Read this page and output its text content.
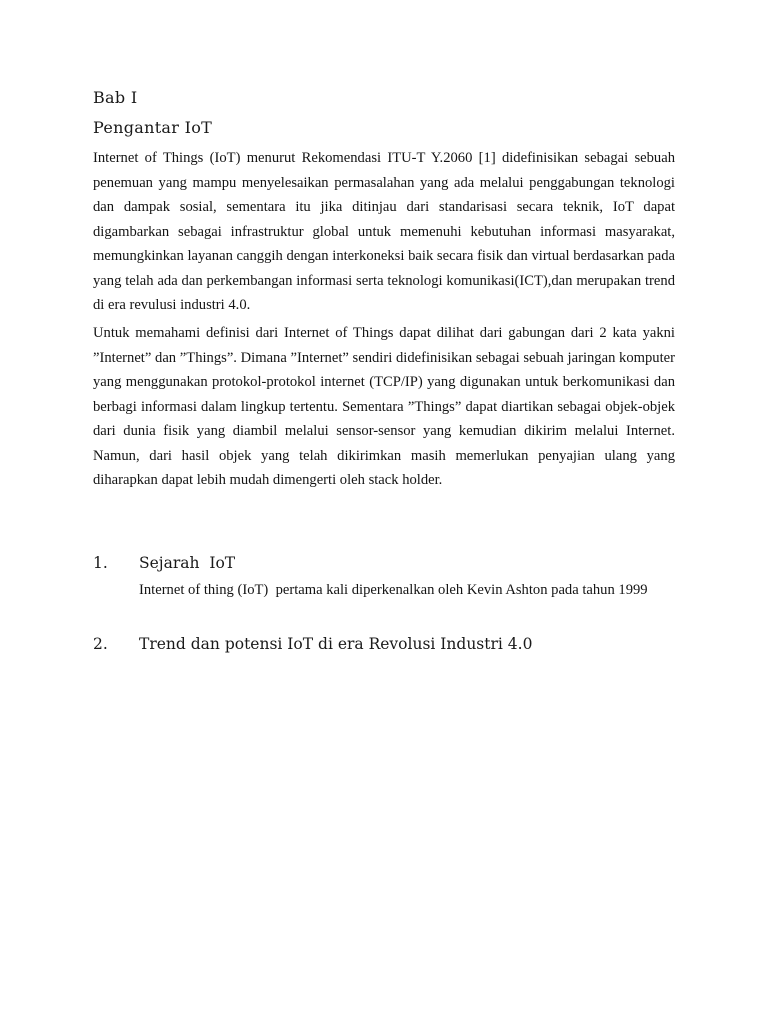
Bab I
Pengantar IoT

Internet of Things (IoT) menurut Rekomendasi ITU-T Y.2060 [1] didefinisikan sebagai sebuah penemuan yang mampu menyelesaikan permasalahan yang ada melalui penggabungan teknologi dan dampak sosial, sementara itu jika ditinjau dari standarisasi secara teknik, IoT dapat digambarkan sebagai infrastruktur global untuk memenuhi kebutuhan informasi masyarakat, memungkinkan layanan canggih dengan interkoneksi baik secara fisik dan virtual berdasarkan pada yang telah ada dan perkembangan informasi serta teknologi komunikasi(ICT),dan merupakan trend di era revulusi industri 4.0.

Untuk memahami definisi dari Internet of Things dapat dilihat dari gabungan dari 2 kata yakni ”Internet” dan ”Things”. Dimana ”Internet” sendiri didefinisikan sebagai sebuah jaringan komputer yang menggunakan protokol-protokol internet (TCP/IP) yang digunakan untuk berkomunikasi dan berbagi informasi dalam lingkup tertentu. Sementara ”Things” dapat diartikan sebagai objek-objek dari dunia fisik yang diambil melalui sensor-sensor yang kemudian dikirim melalui Internet. Namun, dari hasil objek yang telah dikirimkan masih memerlukan penyajian ulang yang diharapkan dapat lebih mudah dimengerti oleh stack holder.

1. Sejarah  IoT

Internet of thing (IoT)  pertama kali diperkenalkan oleh Kevin Ashton pada tahun 1999

2. Trend dan potensi IoT di era Revolusi Industri 4.0
